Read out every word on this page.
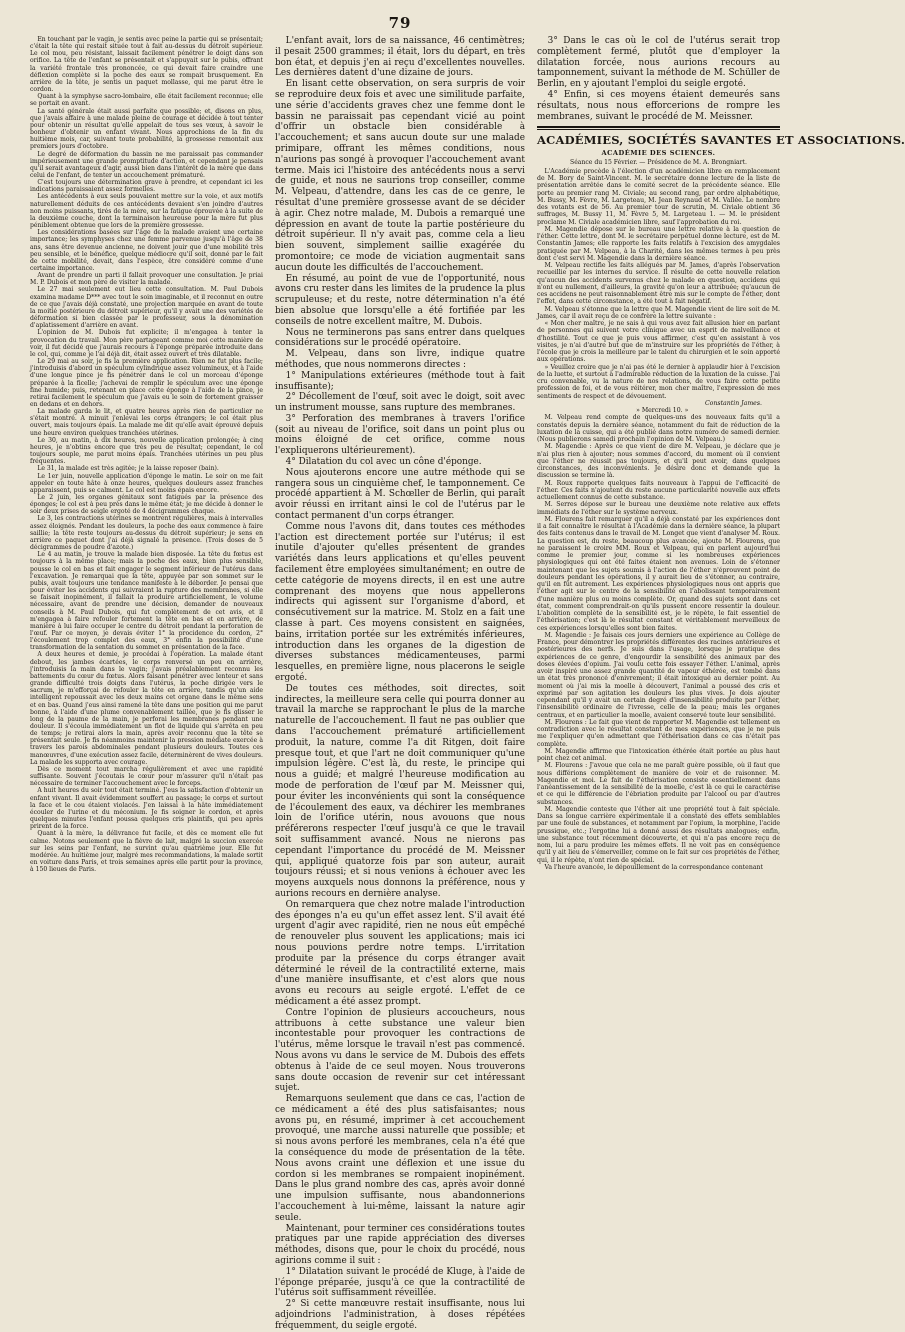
79

En touchant par le vagin, je sentis avec peine la partie qui se présentait; c'était la tête qui restait située tout à fait au-dessus du détroit supérieur. Le col mou, peu résistant, laissait facilement pénétrer le doigt dans son orifice. La tête de l'enfant se présentait et s'appuyait sur le pubis, offrant la variété frontale très prononcée, ce qui devait faire craindre une déflexion complète si la poche des eaux se rompait brusquement. En arrière de la tête, je sentis un paquet mollasse, qui me parut être le cordon.

Quant à la symphyse sacro-lombaire, elle était facilement reconnue; elle se portait en avant.

La santé générale était aussi parfaite que possible; et, disons en plus, que j'avais affaire à une malade pleine de courage et décidée à tout tenter pour obtenir un résultat qu'elle appelait de tous ses vœux, à savoir le bonheur d'obtenir un enfant vivant. Nous approchions de la fin du huitième mois, car, suivant toute probabilité, la grossesse remontait aux premiers jours d'octobre.

Le degré de déformation du bassin ne me paraissait pas commander impérieusement une grande promptitude d'action, et cependant je pensais qu'il serait avantageux d'agir, aussi bien dans l'intérêt de la mère que dans celui de l'enfant, de tenter un accouchement prématuré.

C'est toujours une détermination grave à prendre, et cependant ici les indications paraissaient assez formelles.

Les antécédents à eux seuls pouvaient mettre sur la voie, et aux motifs naturellement déduits de ces antécédents devaient s'en joindre d'autres non moins puissants, tirés de la mère, sur la fatigue éprouvée à la suite de la deuxième couche, dont la terminaison heureuse pour la mère fut plus péniblement obtenue que lors de la première grossesse.

Les considérations basées sur l'âge de la malade avaient une certaine importance; les symphyses chez une femme parvenue jusqu'à l'âge de 38 ans, sans être devenue ancienne, ne doivent jouir que d'une mobilité très peu sensible, et le bénéfice, quelque médiocre qu'il soit, donné par le fait de cette mobilité, devait, dans l'espèce, être considéré comme d'une certaine importance.

Avant de prendre un parti il fallait provoquer une consultation. Je priai M. P. Dubois et mon père de visiter la malade.

Le 27 mai seulement eut lieu cette consultation. M. Paul Dubois examina madame D*** avec tout le soin imaginable, et il reconnut en outre de ce que j'avais déjà constaté, une projection marquée en avant de toute la moitié postérieure du détroit supérieur, qu'il y avait une des variétés de déformation si bien classée par le professeur, sous la dénomination d'aplatissement d'arrière en avant.

L'opinion de M. Dubois fut explicite; il m'engagea à tenter la provocation du travail. Mon père partageant comme moi cette manière de voir, il fut décidé que j'aurais recours à l'éponge préparée introduite dans le col, qui, comme je l'ai déjà dit, était assez ouvert et très dilatable.

Le 29 mai au soir, je fis la première application. Rien ne fut plus facile; j'introduisis d'abord un spéculum cylindrique assez volumineux, et à l'aide d'une longue pince je fis pénétrer dans le col un morceau d'éponge préparée à la ficelle; j'achevai de remplir le spéculum avec une éponge fine humide; puis, retenant en place cette éponge à l'aide de la pince, je retirai facilement le spéculum que j'avais eu le soin de fortement graisser en dedans et en dehors.

La malade garda le lit, et quatre heures après rien de particulier ne s'était montré. A minuit j'enlevai les corps étrangers; le col était plus ouvert, mais toujours épais. La malade me dit qu'elle avait éprouvé depuis une heure environ quelques tranchées utérines.

Le 30, au matin, à dix heures, nouvelle application prolongée; à cinq heures, je n'obtins encore que très peu de résultat; cependant, le col toujours souple, me parut moins épais. Tranchées utérines un peu plus fréquentes.

Le 31, la malade est très agitée; je la laisse reposer (bain).

Le 1er juin, nouvelle application d'éponge le matin. Le soir on me fait appeler en toute hâte à onze heures, quelques douleurs assez franches apparaissent, puis se calment. Le col est moins épais encore.

Le 2 juin, les organes génitaux sont fatigués par la présence des éponges; le col est à peu près dans le même état; je me décide à donner le soir deux prises de seigle ergoté de 4 décigrammes chaque.

Le 3, les contractions utérines se montrent régulières, mais à intervalles assez éloignés. Pendant les douleurs, la poche des eaux commence à faire saillie; la tête reste toujours au-dessus du détroit supérieur; je sens en arrière ce paquet dont j'ai déjà signalé la présence. (Trois doses de 5 décigrammes de poudre d'azote.)

Le 4 au matin, je trouve la malade bien disposée. La tête du fœtus est toujours à la même place; mais la poche des eaux, bien plus sensible, pousse le col en bas et fait engager le segment inférieur de l'utérus dans l'excavation. Je remarquai que la tête, appuyée par son sommet sur le pubis, avait toujours une tendance manifeste à le déborder. Je pensai que pour éviter les accidents qui suivraient la rupture des membranes, si elle se faisait inopinément, il fallait la produire artificiellement, le volume nécessaire, avant de prendre une décision, demander de nouveaux conseils à M. Paul Dubois, qui fut complètement de cet avis, et il m'engagea à faire refouler fortement la tête en bas et en arrière, de manière à lui faire occuper le centre du détroit pendant la perforation de l'œuf. Par ce moyen, je devais éviter 1° la procidence du cordon, 2° l'écoulement trop complet des eaux, 3° enfin la possibilité d'une transformation de la sentation du sommet en présentation de la face.

A deux heures et demie, je procédai à l'opération. La malade étant debout, les jambes écartées, le corps renversé un peu en arrière, j'introduisis la main dans le vagin; j'avais préalablement reconnu les battements du cœur du fœtus. Alors faisant pénétrer avec lenteur et sans grande difficulté trois doigts dans l'utérus, la poche dirigée vers le sacrum, je m'efforçai de refouler la tête en arrière, tandis qu'un aide intelligent repoussait avec les deux mains cet organe dans le même sens et en bas. Quand j'eus ainsi ramené la tête dans une position qui me parut bonne, à l'aide d'une plume convenablement taillée, que je fis glisser le long de la paume de la main, je perforai les membranes pendant une douleur. Il s'écoula immédiatement un flot de liquide qui s'arrêta en peu de temps; je retirai alors la main, après avoir reconnu que la tête se présentait seule. Je fis néanmoins maintenir la pression médiate exercée à travers les parois abdominales pendant plusieurs douleurs. Toutes ces manœuvres, d'une exécution assez facile, déterminèrent de vives douleurs. La malade les supporta avec courage.

Dès ce moment tout marcha régulièrement et avec une rapidité suffisante. Souvent j'écoutais le cœur pour m'assurer qu'il n'était pas nécessaire de terminer l'accouchement avec le forceps.

A huit heures du soir tout était terminé. J'eus la satisfaction d'obtenir un enfant vivant. Il avait évidemment souffert au passage; le corps et surtout la face et le cou étaient violacés. J'en laissai à la hâte immédiatement écouler de l'urine et du méconium. Je fis soigner le cordon, et après quelques minutes l'enfant poussa quelques cris plaintifs, qui peu après prirent de la force.

Quant à la mère, la délivrance fut facile, et dès ce moment elle fut calme. Notons seulement que la fièvre de lait, malgré la succion exercée sur les seins par l'enfant, ne survint qu'au quatrième jour. Elle fut modérée. Au huitième jour, malgré mes recommandations, la malade sortit en voiture dans Paris, et trois semaines après elle partit pour la province, à 150 lieues de Paris.

L'enfant avait, lors de sa naissance, 46 centimètres; il pesait 2500 grammes; il était, lors du départ, en très bon état, et depuis j'en ai reçu d'excellentes nouvelles. Les dernières datent d'une dizaine de jours.

En lisant cette observation, on sera surpris de voir se reproduire deux fois et avec une similitude parfaite, une série d'accidents graves chez une femme dont le bassin ne paraissait pas cependant vicié au point d'offrir un obstacle bien considérable à l'accouchement; et sans aucun doute sur une malade primipare, offrant les mêmes conditions, nous n'aurions pas songé à provoquer l'accouchement avant terme. Mais ici l'histoire des antécédents nous a servi de guide, et nous ne saurions trop conseiller, comme M. Velpeau, d'attendre, dans les cas de ce genre, le résultat d'une première grossesse avant de se décider à agir. Chez notre malade, M. Dubois a remarqué une dépression en avant de toute la partie postérieure du détroit supérieur. Il n'y avait pas, comme cela a lieu bien souvent, simplement saillie exagérée du promontoire; ce mode de viciation augmentait sans aucun doute les difficultés de l'accouchement.

En résumé, au point de vue de l'opportunité, nous avons cru rester dans les limites de la prudence la plus scrupuleuse; et du reste, notre détermination n'a été bien absolue que lorsqu'elle a été fortifiée par les conseils de notre excellent maître, M. Dubois.

Nous ne terminerons pas sans entrer dans quelques considérations sur le procédé opératoire.

M. Velpeau, dans son livre, indique quatre méthodes, que nous nommerons directes :

1° Manipulations extérieures (méthode tout à fait insuffisante);

2° Décollement de l'œuf, soit avec le doigt, soit avec un instrument mousse, sans rupture des membranes.

3° Perforation des membranes à travers l'orifice (soit au niveau de l'orifice, soit dans un point plus ou moins éloigné de cet orifice, comme nous l'expliquerons ultérieurement).

4° Dilatation du col avec un cône d'éponge.

Nous ajouterons encore une autre méthode qui se rangera sous un cinquième chef, le tamponnement. Ce procédé appartient à M. Schœller de Berlin, qui paraît avoir réussi en irritant ainsi le col de l'utérus par le contact permanent d'un corps étranger.

Comme nous l'avons dit, dans toutes ces méthodes l'action est directement portée sur l'utérus; il est inutile d'ajouter qu'elles présentent de grandes variétés dans leurs applications et qu'elles peuvent facilement être employées simultanément; en outre de cette catégorie de moyens directs, il en est une autre comprenant des moyens que nous appellerons indirects qui agissent sur l'organisme d'abord, et consécutivement sur la matrice. M. Stolz en a fait une classe à part. Ces moyens consistent en saignées, bains, irritation portée sur les extrémités inférieures, introduction dans les organes de la digestion de diverses substances médicamenteuses, parmi lesquelles, en première ligne, nous placerons le seigle ergoté.

De toutes ces méthodes, soit directes, soit indirectes, la meilleure sera celle qui pourra donner au travail la marche se rapprochant le plus de la marche naturelle de l'accouchement. Il faut ne pas oublier que dans l'accouchement prématuré artificiellement produit, la nature, comme l'a dit Ritgen, doit faire presque tout, et que l'art ne doit communiquer qu'une impulsion légère. C'est là, du reste, le principe qui nous a guidé; et malgré l'heureuse modification au mode de perforation de l'œuf par M. Meissner qui, pour éviter les inconvénients qui sont la conséquence de l'écoulement des eaux, va déchirer les membranes loin de l'orifice utérin, nous avouons que nous préférerons respecter l'œuf jusqu'à ce que le travail soit suffisamment avancé. Nous ne nierons pas cependant l'importance du procédé de M. Meissner qui, appliqué quatorze fois par son auteur, aurait toujours réussi; et si nous venions à échouer avec les moyens auxquels nous donnons la préférence, nous y aurions recours en dernière analyse.

On remarquera que chez notre malade l'introduction des éponges n'a eu qu'un effet assez lent. S'il avait été urgent d'agir avec rapidité, rien ne nous eût empêché de renouveler plus souvent les applications; mais ici nous pouvions perdre notre temps. L'irritation produite par la présence du corps étranger avait déterminé le réveil de la contractilité externe, mais d'une manière insuffisante, et c'est alors que nous avons eu recours au seigle ergoté. L'effet de ce médicament a été assez prompt.

Contre l'opinion de plusieurs accoucheurs, nous attribuons à cette substance une valeur bien incontestable pour provoquer les contractions de l'utérus, même lorsque le travail n'est pas commencé. Nous avons vu dans le service de M. Dubois des effets obtenus à l'aide de ce seul moyen. Nous trouverons sans doute occasion de revenir sur cet intéressant sujet.

Remarquons seulement que dans ce cas, l'action de ce médicament a été des plus satisfaisantes; nous avons pu, en résumé, imprimer à cet accouchement provoqué, une marche aussi naturelle que possible; et si nous avons perforé les membranes, cela n'a été que la conséquence du mode de présentation de la tête. Nous avons craint une déflexion et une issue du cordon si les membranes se rompaient inopinément. Dans le plus grand nombre des cas, après avoir donné une impulsion suffisante, nous abandonnerions l'accouchement à lui-même, laissant la nature agir seule.

Maintenant, pour terminer ces considérations toutes pratiques par une rapide appréciation des diverses méthodes, disons que, pour le choix du procédé, nous agirions comme il suit :

1° Dilatation suivant le procédé de Kluge, à l'aide de l'éponge préparée, jusqu'à ce que la contractilité de l'utérus soit suffisamment réveillée.

2° Si cette manœuvre restait insuffisante, nous lui adjoindrions l'administration, à doses répétées fréquemment, du seigle ergoté.

3° Dans le cas où le col de l'utérus serait trop complètement fermé, plutôt que d'employer la dilatation forcée, nous aurions recours au tamponnement, suivant la méthode de M. Schüller de Berlin, en y ajoutant l'emploi du seigle ergoté.

4° Enfin, si ces moyens étaient demeurés sans résultats, nous nous efforcerions de rompre les membranes, suivant le procédé de M. Meissner.

ACADÉMIES, SOCIÉTÉS SAVANTES ET ASSOCIATIONS.
ACADÉMIE DES SCIENCES.
Séance du 15 Février. — Présidence de M. A. Brongniart.

L'Académie procède à l'élection d'un académicien libre en remplacement de M. Bory de Saint-Vincent. M. le secrétaire donne lecture de la liste de présentation arrêtée dans le comité secret de la précédente séance. Elle porte au premier rang M. Civiale; au second rang, par ordre alphabétique, M. Bussy, M. Fèvre, M. Largeteau, M. Jean Reynaud et M. Vallée. Le nombre des votants est de 56. Au premier tour de scrutin, M. Civiale obtient 36 suffrages, M. Bussy 11, M. Fèvre 5, M. Largeteau 1. — M. le président proclame M. Civiale académicien libre, sauf l'approbation du roi.

M. Magendie dépose sur le bureau une lettre relative à la question de l'éther. Cette lettre, dont M. le secrétaire perpétuel donne lecture, est de M. Constantin James; elle rapporte les faits relatifs à l'excision des amygdales pratiquée par M. Velpeau, à la Charité, dans les mêmes termes à peu près dont c'est servi M. Magendie dans la dernière séance.

M. Velpeau rectifie les faits allégués par M. James, d'après l'observation recueillie par les internes du service. Il résulte de cette nouvelle relation qu'aucun des accidents survenus chez le malade en question, accidens qui n'ont eu nullement, d'ailleurs, la gravité qu'on leur a attribuée; qu'aucun de ces accidens ne peut raisonnablement être mis sur le compte de l'éther, dont l'effet, dans cette circonstance, a été tout à fait négatif.

M. Velpeau s'étonne que la lettre que M. Magendie vient de lire soit de M. James, car il avait reçu de ce confrère la lettre suivante :

« Mon cher maître, je ne sais à qui vous avez fait allusion hier en parlant de personnes qui suivent votre clinique avec un esprit de malveillance et d'hostilité. Tout ce que je puis vous affirmer, c'est qu'en assistant à vos visites, je n'ai d'autre but que de m'instruire sur les propriétés de l'éther, à l'école que je crois la meilleure par le talent du chirurgien et le soin apporté aux opérations.

» Veuillez croire que je n'ai pas été le dernier à applaudir hier à l'excision de la luette, et surtout à l'admirable réduction de la luxation de la cuisse. J'ai cru convenable, vu la nature de nos relations, de vous faire cette petite profession de foi, et de vous réitérer, mon cher maître, l'expression de mes sentiments de respect et de dévouement.

Constantin James.

» Mercredi 10. »

M. Velpeau rend compte de quelques-uns des nouveaux faits qu'il a constatés depuis la dernière séance, notamment du fait de réduction de la luxation de la cuisse, qui a été publié dans notre numéro de samedi dernier. (Nous publierons samedi prochain l'opinion de M. Velpeau.)

M. Magendie : Après ce que vient de dire M. Velpeau, je déclare que je n'ai plus rien à ajouter; nous sommes d'accord, du moment où il convient que l'éther ne réussit pas toujours, et qu'il peut avoir, dans quelques circonstances, des inconvénients. Je désire donc et demande que la discussion se termine là.

M. Roux rapporte quelques faits nouveaux à l'appui de l'efficacité de l'éther. Ces faits n'ajoutent du reste aucune particularité nouvelle aux effets actuellement connus de cette substance.

M. Serres dépose sur le bureau une deuxième note relative aux effets immédiats de l'éther sur le système nerveux.

M. Flourens fait remarquer qu'il a déjà constaté par les expériences dont il a fait connaître le résultat à l'Académie dans la dernière séance, la plupart des faits contenus dans le travail de M. Longet que vient d'analyser M. Roux. La question est, du reste, beaucoup plus avancée, ajoute M. Flourens, que ne paraissent le croire MM. Roux et Velpeau, qui en parlent aujourd'hui comme le premier jour, comme si les nombreuses expériences physiologiques qui ont été faites étaient non avenues. Loin de s'étonner maintenant que les sujets soumis à l'action de l'éther n'éprouvent point de douleurs pendant les opérations, il y aurait lieu de s'étonner, au contraire, qu'il en fût autrement. Les expériences physiologiques nous ont appris que l'éther agit sur le centre de la sensibilité en l'abolissant temporairement d'une manière plus ou moins complète. Or, quand des sujets sont dans cet état, comment comprendrait-on qu'ils pussent encore ressentir la douleur. L'abolition complète de la sensibilité est, je le répète, le fait essentiel de l'éthérisation; c'est là le résultat constant et véritablement merveilleux de ces expériences lorsqu'elles sont bien faites.

M. Magendie : Je faisais ces jours derniers une expérience au Collège de France, pour démontrer les propriétés différentes des racines antérieures et postérieures des nerfs. Je suis dans l'usage, lorsque je pratique des expériences de ce genre, d'engourdir la sensibilité des animaux par des doses élevées d'opium. J'ai voulu cette fois essayer l'éther. L'animal, après avoir inspiré une assez grande quantité de vapeur éthérée, est tombé dans un état très prononcé d'enivrement; il était intoxiqué au dernier point. Au moment où j'ai mis la moelle à découvert, l'animal a poussé des cris et exprimé par son agitation les douleurs les plus vives. Je dois ajouter cependant qu'il y avait un certain degré d'insensibilité produite par l'éther, l'insensibilité ordinaire de l'ivresse, celle de la peau; mais les organes centraux, et en particulier la moelle, avaient conservé toute leur sensibilité.

M. Flourens : Le fait que vient de rapporter M. Magendie est tellement en contradiction avec le résultat constant de mes expériences, que je ne puis me l'expliquer qu'en admettant que l'éthérisation dans ce cas n'était pas complète.

M. Magendie affirme que l'intoxication éthérée était portée au plus haut point chez cet animal.

M. Flourens : J'avoue que cela ne me paraît guère possible, où il faut que nous différions complètement de manière de voir et de raisonner. M. Magendie et moi. Le fait de l'éthérisation consiste essentiellement dans l'anéantissement de la sensibilité de la moelle, c'est là ce qui le caractérise et ce qui le différencie de l'ébriation produite par l'alcool ou par d'autres substances.

M. Magendie conteste que l'éther ait une propriété tout à fait spéciale. Dans sa longue carrière expérimentale il a constaté des effets semblables par une foule de substances, et notamment par l'opium, la morphine, l'acide prussique, etc.; l'ergotine lui a donné aussi des résultats analogues; enfin, une substance tout récemment découverte, et qui n'a pas encore reçu de nom, lui a paru produire les mêmes effets. Il ne voit pas en conséquence qu'il y ait lieu de s'émerveiller, comme on le fait sur ces propriétés de l'éther, qui, il le répète, n'ont rien de spécial.

Va l'heure avancée, le dépouillement de la correspondance contenant
